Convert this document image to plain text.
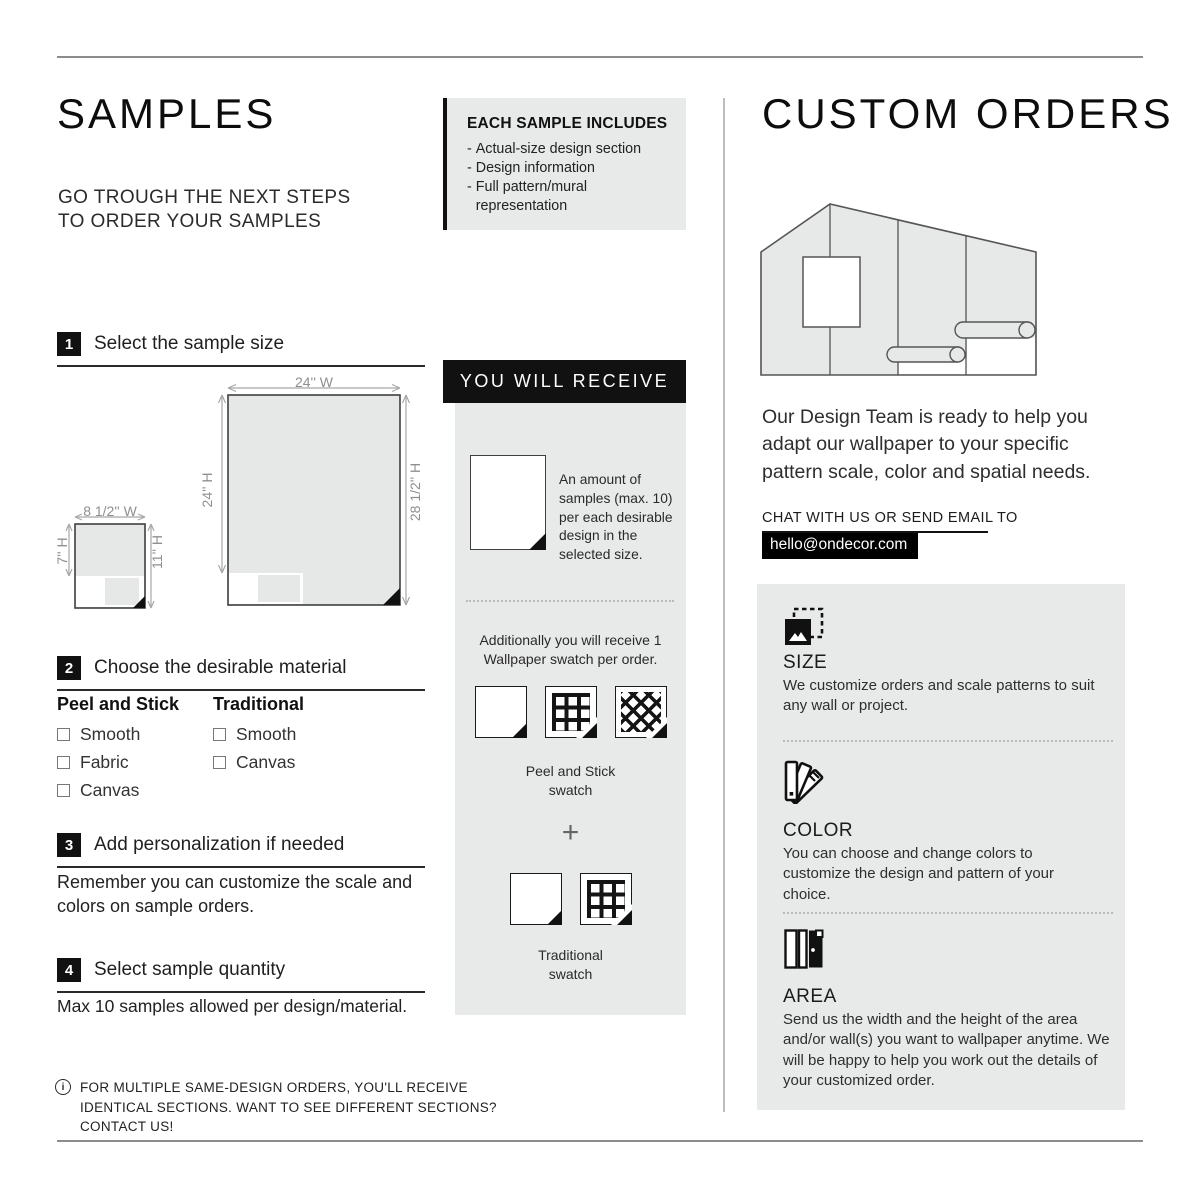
SAMPLES
GO TROUGH THE NEXT STEPS TO ORDER YOUR SAMPLES
1	Select the sample size
24'' W
24'' H	28 1/2'' H
8 1/2'' W
7'' H	11'' H
2	Choose the desirable material
Peel and Stick
Smooth
Fabric
Canvas
Traditional
Smooth
Canvas
3	Add personalization if needed
Remember you can customize the scale and colors on sample orders.
4	Select sample quantity
Max 10 samples allowed per design/material.
i	FOR MULTIPLE SAME-DESIGN ORDERS, YOU'LL RECEIVE IDENTICAL SECTIONS. WANT TO SEE DIFFERENT SECTIONS? CONTACT US!
EACH SAMPLE INCLUDES
- Actual-size design section
- Design information
- Full pattern/mural representation
YOU WILL RECEIVE
An amount of samples (max. 10) per each desirable design in the selected size.
Additionally you will receive 1 Wallpaper swatch per order.
Peel and Stick swatch
+
Traditional swatch
CUSTOM ORDERS
Our Design Team is ready to help you adapt our wallpaper to your specific pattern scale, color and spatial needs.
CHAT WITH US OR SEND EMAIL TO
hello@ondecor.com
SIZE
We customize orders and scale patterns to suit any wall or project.
COLOR
You can choose and change colors to customize the design and pattern of your choice.
AREA
Send us the width and the height of the area and/or wall(s) you want to wallpaper anytime. We will be happy to help you work out the details of your customized order.
